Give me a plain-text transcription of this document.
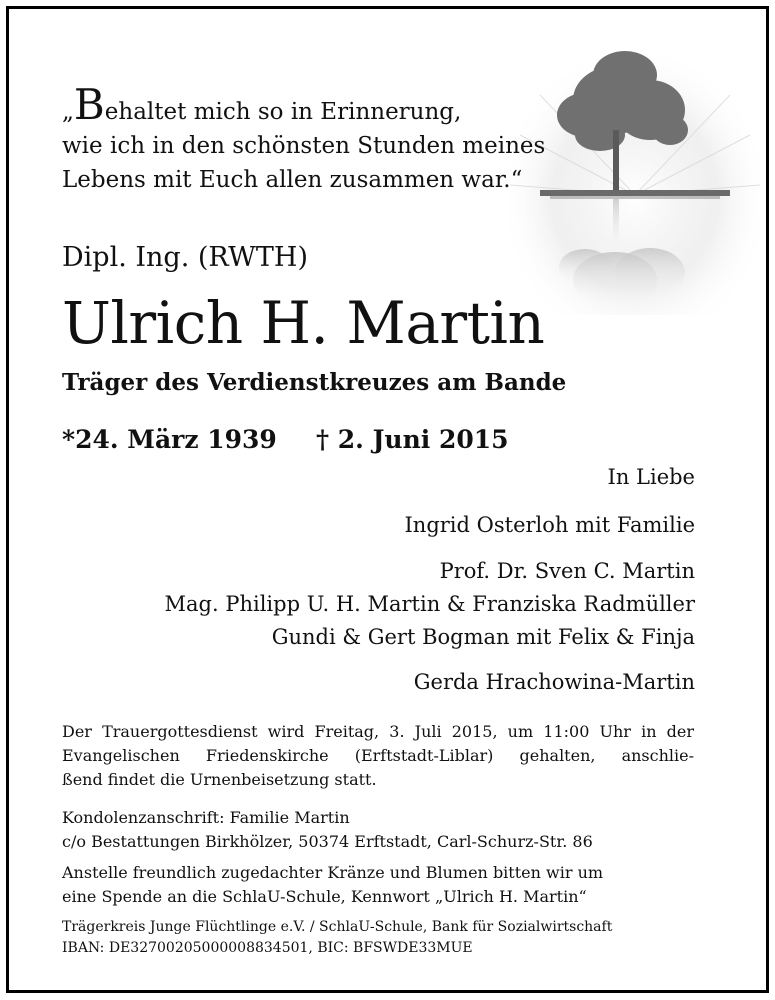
„Behaltet mich so in Erinnerung,
wie ich in den schönsten Stunden meines
Lebens mit Euch allen zusammen war.“
Dipl. Ing. (RWTH)
Ulrich H. Martin
Träger des Verdienstkreuzes am Bande
*24. März 1939 † 2. Juni 2015
In Liebe
Ingrid Osterloh mit Familie
Prof. Dr. Sven C. Martin
Mag. Philipp U. H. Martin & Franziska Radmüller
Gundi & Gert Bogman mit Felix & Finja
Gerda Hrachowina-Martin
Der Trauergottesdienst wird Freitag, 3. Juli 2015, um 11:00 Uhr in der
Evangelischen Friedenskirche (Erftstadt-Liblar) gehalten, anschlie-
ßend findet die Urnenbeisetzung statt.
Kondolenzanschrift: Familie Martin
c/o Bestattungen Birkhölzer, 50374 Erftstadt, Carl-Schurz-Str. 86
Anstelle freundlich zugedachter Kränze und Blumen bitten wir um
eine Spende an die SchlaU-Schule, Kennwort „Ulrich H. Martin“
Trägerkreis Junge Flüchtlinge e.V. / SchlaU-Schule, Bank für Sozialwirtschaft
IBAN: DE32700205000008834501, BIC: BFSWDE33MUE
